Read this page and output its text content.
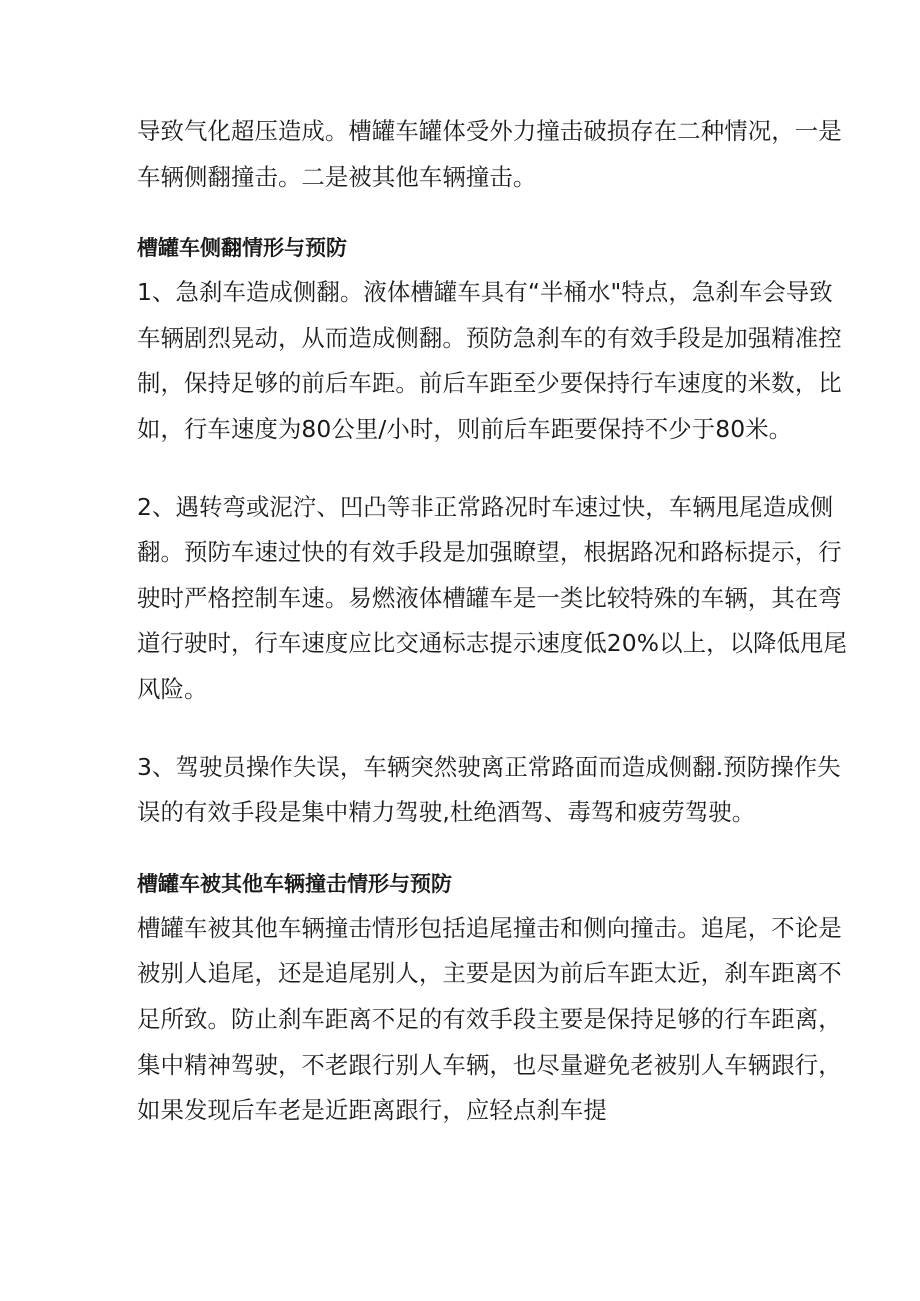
导致气化超压造成。槽罐车罐体受外力撞击破损存在二种情况，一是
车辆侧翻撞击。二是被其他车辆撞击。
槽罐车侧翻情形与预防
1、急刹车造成侧翻。液体槽罐车具有“半桶水"特点，急刹车会导致
车辆剧烈晃动，从而造成侧翻。预防急刹车的有效手段是加强精准控
制，保持足够的前后车距。前后车距至少要保持行车速度的米数，比
如，行车速度为80公里/小时，则前后车距要保持不少于80米。
2、遇转弯或泥泞、凹凸等非正常路况时车速过快，车辆甩尾造成侧
翻。预防车速过快的有效手段是加强瞭望，根据路况和路标提示，行
驶时严格控制车速。易燃液体槽罐车是一类比较特殊的车辆，其在弯
道行驶时，行车速度应比交通标志提示速度低20%以上，以降低甩尾
风险。
3、驾驶员操作失误，车辆突然驶离正常路面而造成侧翻.预防操作失
误的有效手段是集中精力驾驶,杜绝酒驾、毒驾和疲劳驾驶。
槽罐车被其他车辆撞击情形与预防
槽罐车被其他车辆撞击情形包括追尾撞击和侧向撞击。追尾，不论是
被别人追尾，还是追尾别人，主要是因为前后车距太近，刹车距离不
足所致。防止刹车距离不足的有效手段主要是保持足够的行车距离，
集中精神驾驶，不老跟行别人车辆，也尽量避免老被别人车辆跟行，
如果发现后车老是近距离跟行，应轻点刹车提
